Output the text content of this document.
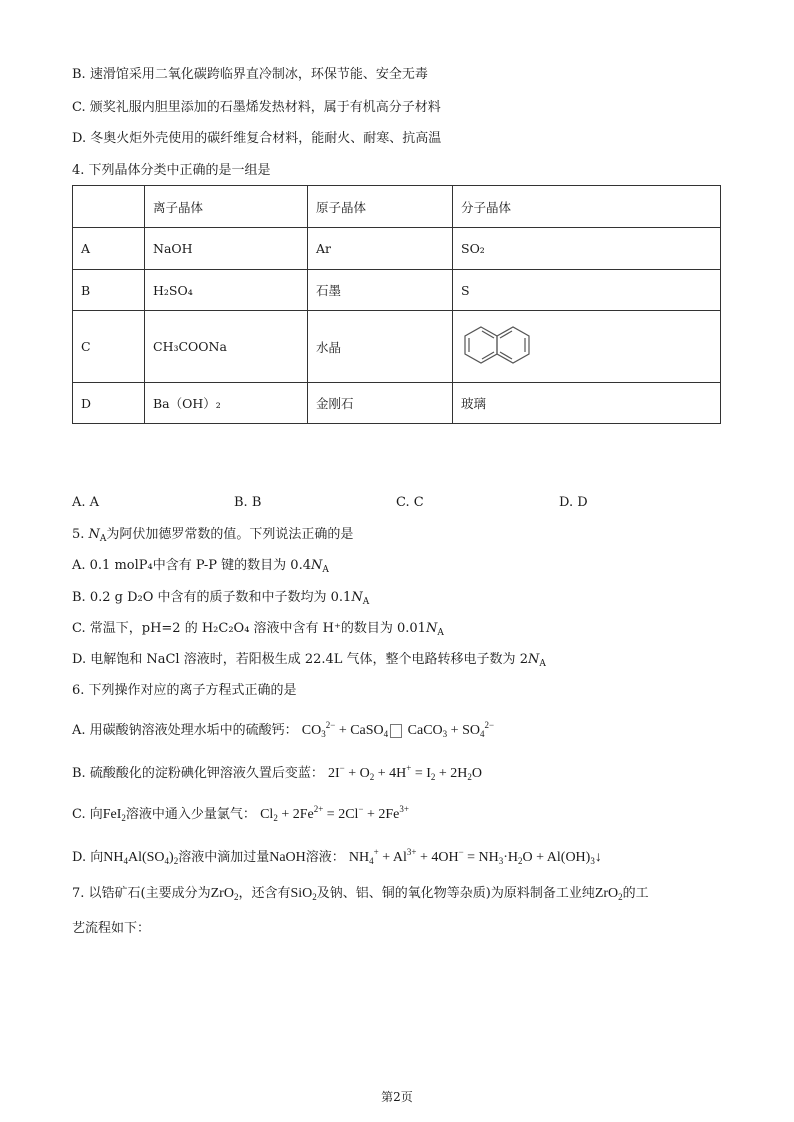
B. 速滑馆采用二氧化碳跨临界直冷制冰，环保节能、安全无毒
C. 颁奖礼服内胆里添加的石墨烯发热材料，属于有机高分子材料
D. 冬奥火炬外壳使用的碳纤维复合材料，能耐火、耐寒、抗高温
4. 下列晶体分类中正确的是一组是
	离子晶体	原子晶体	分子晶体
A	NaOH	Ar	SO₂
B	H₂SO₄	石墨	S
C	CH₃COONa	水晶	
D	Ba（OH）₂	金刚石	玻璃
A. A	B. B	C. C	D. D
5. $N_A$为阿伏加德罗常数的值。下列说法正确的是
A. 0.1 molP₄中含有 P-P 键的数目为 $0.4N_A$
B. 0.2 g D₂O 中含有的质子数和中子数均为 $0.1N_A$
C. 常温下，pH=2 的 H₂C₂O₄ 溶液中含有 H⁺的数目为 $0.01N_A$
D. 电解饱和 NaCl 溶液时，若阳极生成 22.4L 气体，整个电路转移电子数为 $2N_A$
6. 下列操作对应的离子方程式正确的是
A. 用碳酸钠溶液处理水垢中的硫酸钙： $CO_3^{2-}$ + CaSO$_4$ CaCO$_3$ + $SO_4^{2-}$
B. 硫酸酸化的淀粉碘化钾溶液久置后变蓝： $2I^- + O_2 + 4H^+ = I_2 + 2H_2O$
C. 向FeI$_2$溶液中通入少量氯气： $Cl_2 + 2Fe^{2+} = 2Cl^- + 2Fe^{3+}$
D. 向$NH_4Al(SO_4)_2$溶液中滴加过量NaOH溶液： $NH_4^+ + Al^{3+} + 4OH^- = NH_3\cdot H_2O$ + $Al(OH)_3↓$
7. 以锆矿石(主要成分为ZrO$_2$，还含有SiO$_2$及钠、铝、铜的氧化物等杂质)为原料制备工业纯ZrO$_2$的工
艺流程如下：
第2页
